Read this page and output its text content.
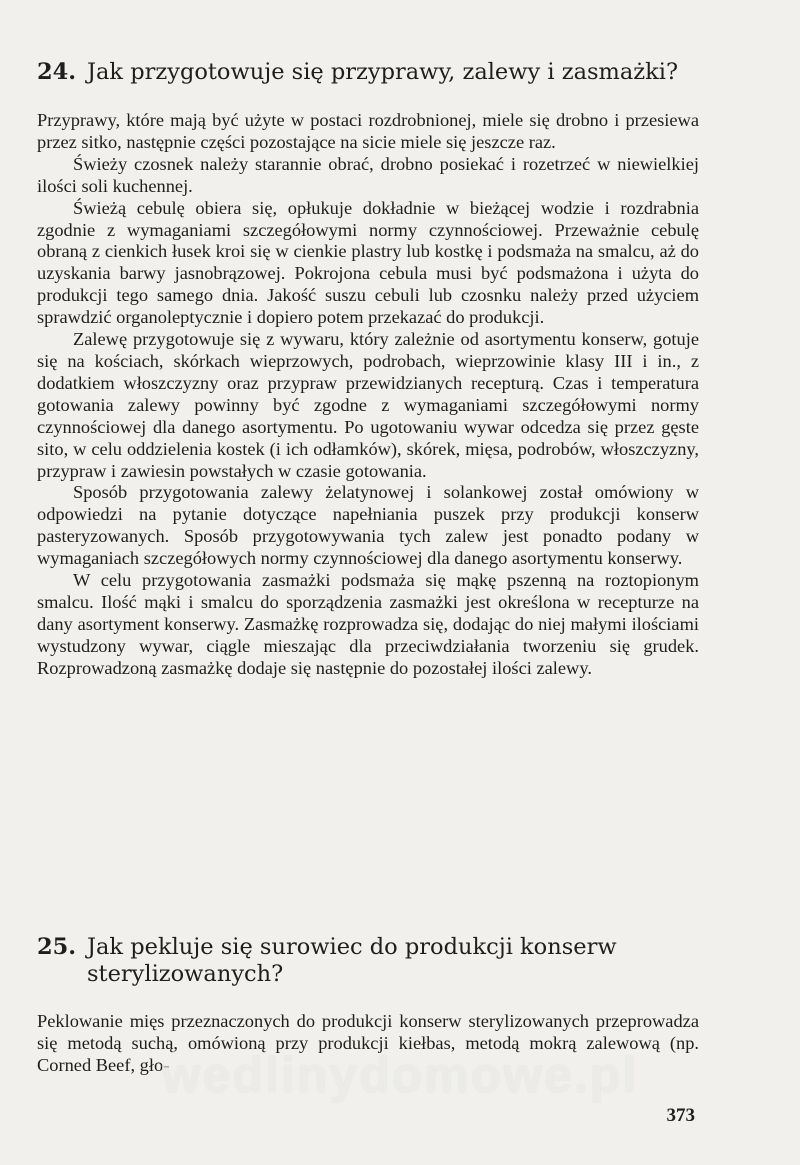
24. Jak przygotowuje się przyprawy, zalewy i zasmażki?

Przyprawy, które mają być użyte w postaci rozdrobnionej, miele się drobno i przesiewa przez sitko, następnie części pozostające na sicie miele się jeszcze raz.

Świeży czosnek należy starannie obrać, drobno posiekać i rozetrzeć w niewielkiej ilości soli kuchennej.

Świeżą cebulę obiera się, opłukuje dokładnie w bieżącej wodzie i rozdrabnia zgodnie z wymaganiami szczegółowymi normy czynnościowej. Przeważnie cebulę obraną z cienkich łusek kroi się w cienkie plastry lub kostkę i podsmaża na smalcu, aż do uzyskania barwy jasnobrązowej. Pokrojona cebula musi być podsmażona i użyta do produkcji tego samego dnia. Jakość suszu cebuli lub czosnku należy przed użyciem sprawdzić organoleptycznie i dopiero potem przekazać do produkcji.

Zalewę przygotowuje się z wywaru, który zależnie od asortymentu konserw, gotuje się na kościach, skórkach wieprzowych, podrobach, wieprzowinie klasy III i in., z dodatkiem włoszczyzny oraz przypraw przewidzianych recepturą. Czas i temperatura gotowania zalewy powinny być zgodne z wymaganiami szczegółowymi normy czynnościowej dla danego asortymentu. Po ugotowaniu wywar odcedza się przez gęste sito, w celu oddzielenia kostek (i ich odłamków), skórek, mięsa, podrobów, włoszczyzny, przypraw i zawiesin powstałych w czasie gotowania.

Sposób przygotowania zalewy żelatynowej i solankowej został omówiony w odpowiedzi na pytanie dotyczące napełniania puszek przy produkcji konserw pasteryzowanych. Sposób przygotowywania tych zalew jest ponadto podany w wymaganiach szczegółowych normy czynnościowej dla danego asortymentu konserwy.

W celu przygotowania zasmażki podsmaża się mąkę pszenną na roztopionym smalcu. Ilość mąki i smalcu do sporządzenia zasmażki jest określona w recepturze na dany asortyment konserwy. Zasmażkę rozprowadza się, dodając do niej małymi ilościami wystudzony wywar, ciągle mieszając dla przeciwdziałania tworzeniu się grudek. Rozprowadzoną zasmażkę dodaje się następnie do pozostałej ilości zalewy.

25. Jak pekluje się surowiec do produkcji konserw sterylizowanych?

Peklowanie mięs przeznaczonych do produkcji konserw sterylizowanych przeprowadza się metodą suchą, omówioną przy produkcji kiełbas, metodą mokrą zalewową (np. Corned Beef, gło-

wedlinydomowe.pl
373
